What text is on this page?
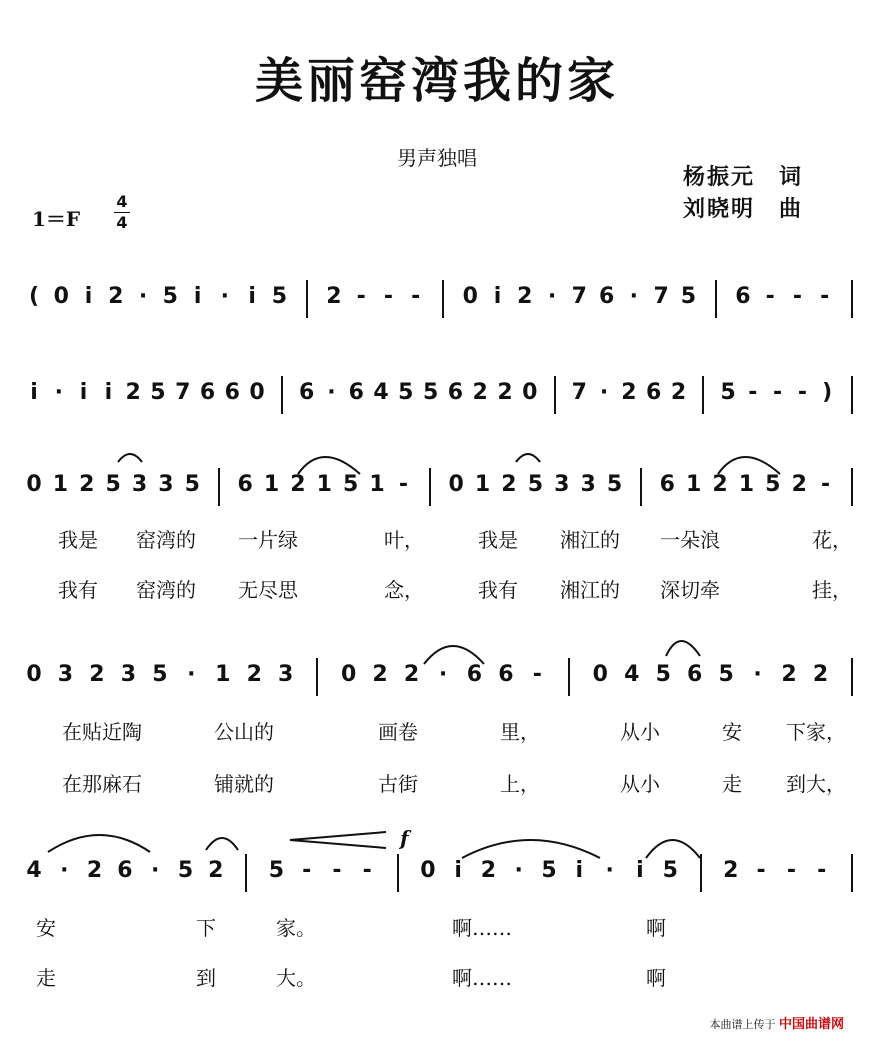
美丽窑湾我的家
男声独唱
杨振元　词
刘晓明　曲
1＝F
4
4
( 0 i 2 · 5 i · i 5 2 - - -	0 i 2 · 7 6 · 7 5 6 - - -
i · i i 2 5 7 6 6 0 6 · 6 4 5 5 6 2 2 0 7 · 2 6 2 5 - - - )
0 1 2 5 3 3 5 6 1 2 1 5 1 -	0 1 2 5 3 3 5 6 1 2 1 5 2 -
0 3 2 3 5 · 1 2 3 0 2 2 · 6 6 -	0 4 5 6 5 · 2 2
4 · 2 6 · 5 2 5 - - -	0 i 2 · 5 i	·	i 5 2 - - -
f
我是 窑湾的 一片绿	叶，	我是 湘江的 一朵浪	花，
我有 窑湾的 无尽思	念，	我有 湘江的 深切牵	挂，
在贴近陶	公山的	画卷	里，	从小	安 下家，
在那麻石	铺就的	古街	上，	从小	走 到大，
安	下	家。	啊……	啊
走	到	大。	啊……	啊
本曲谱上传于 中国曲谱网
